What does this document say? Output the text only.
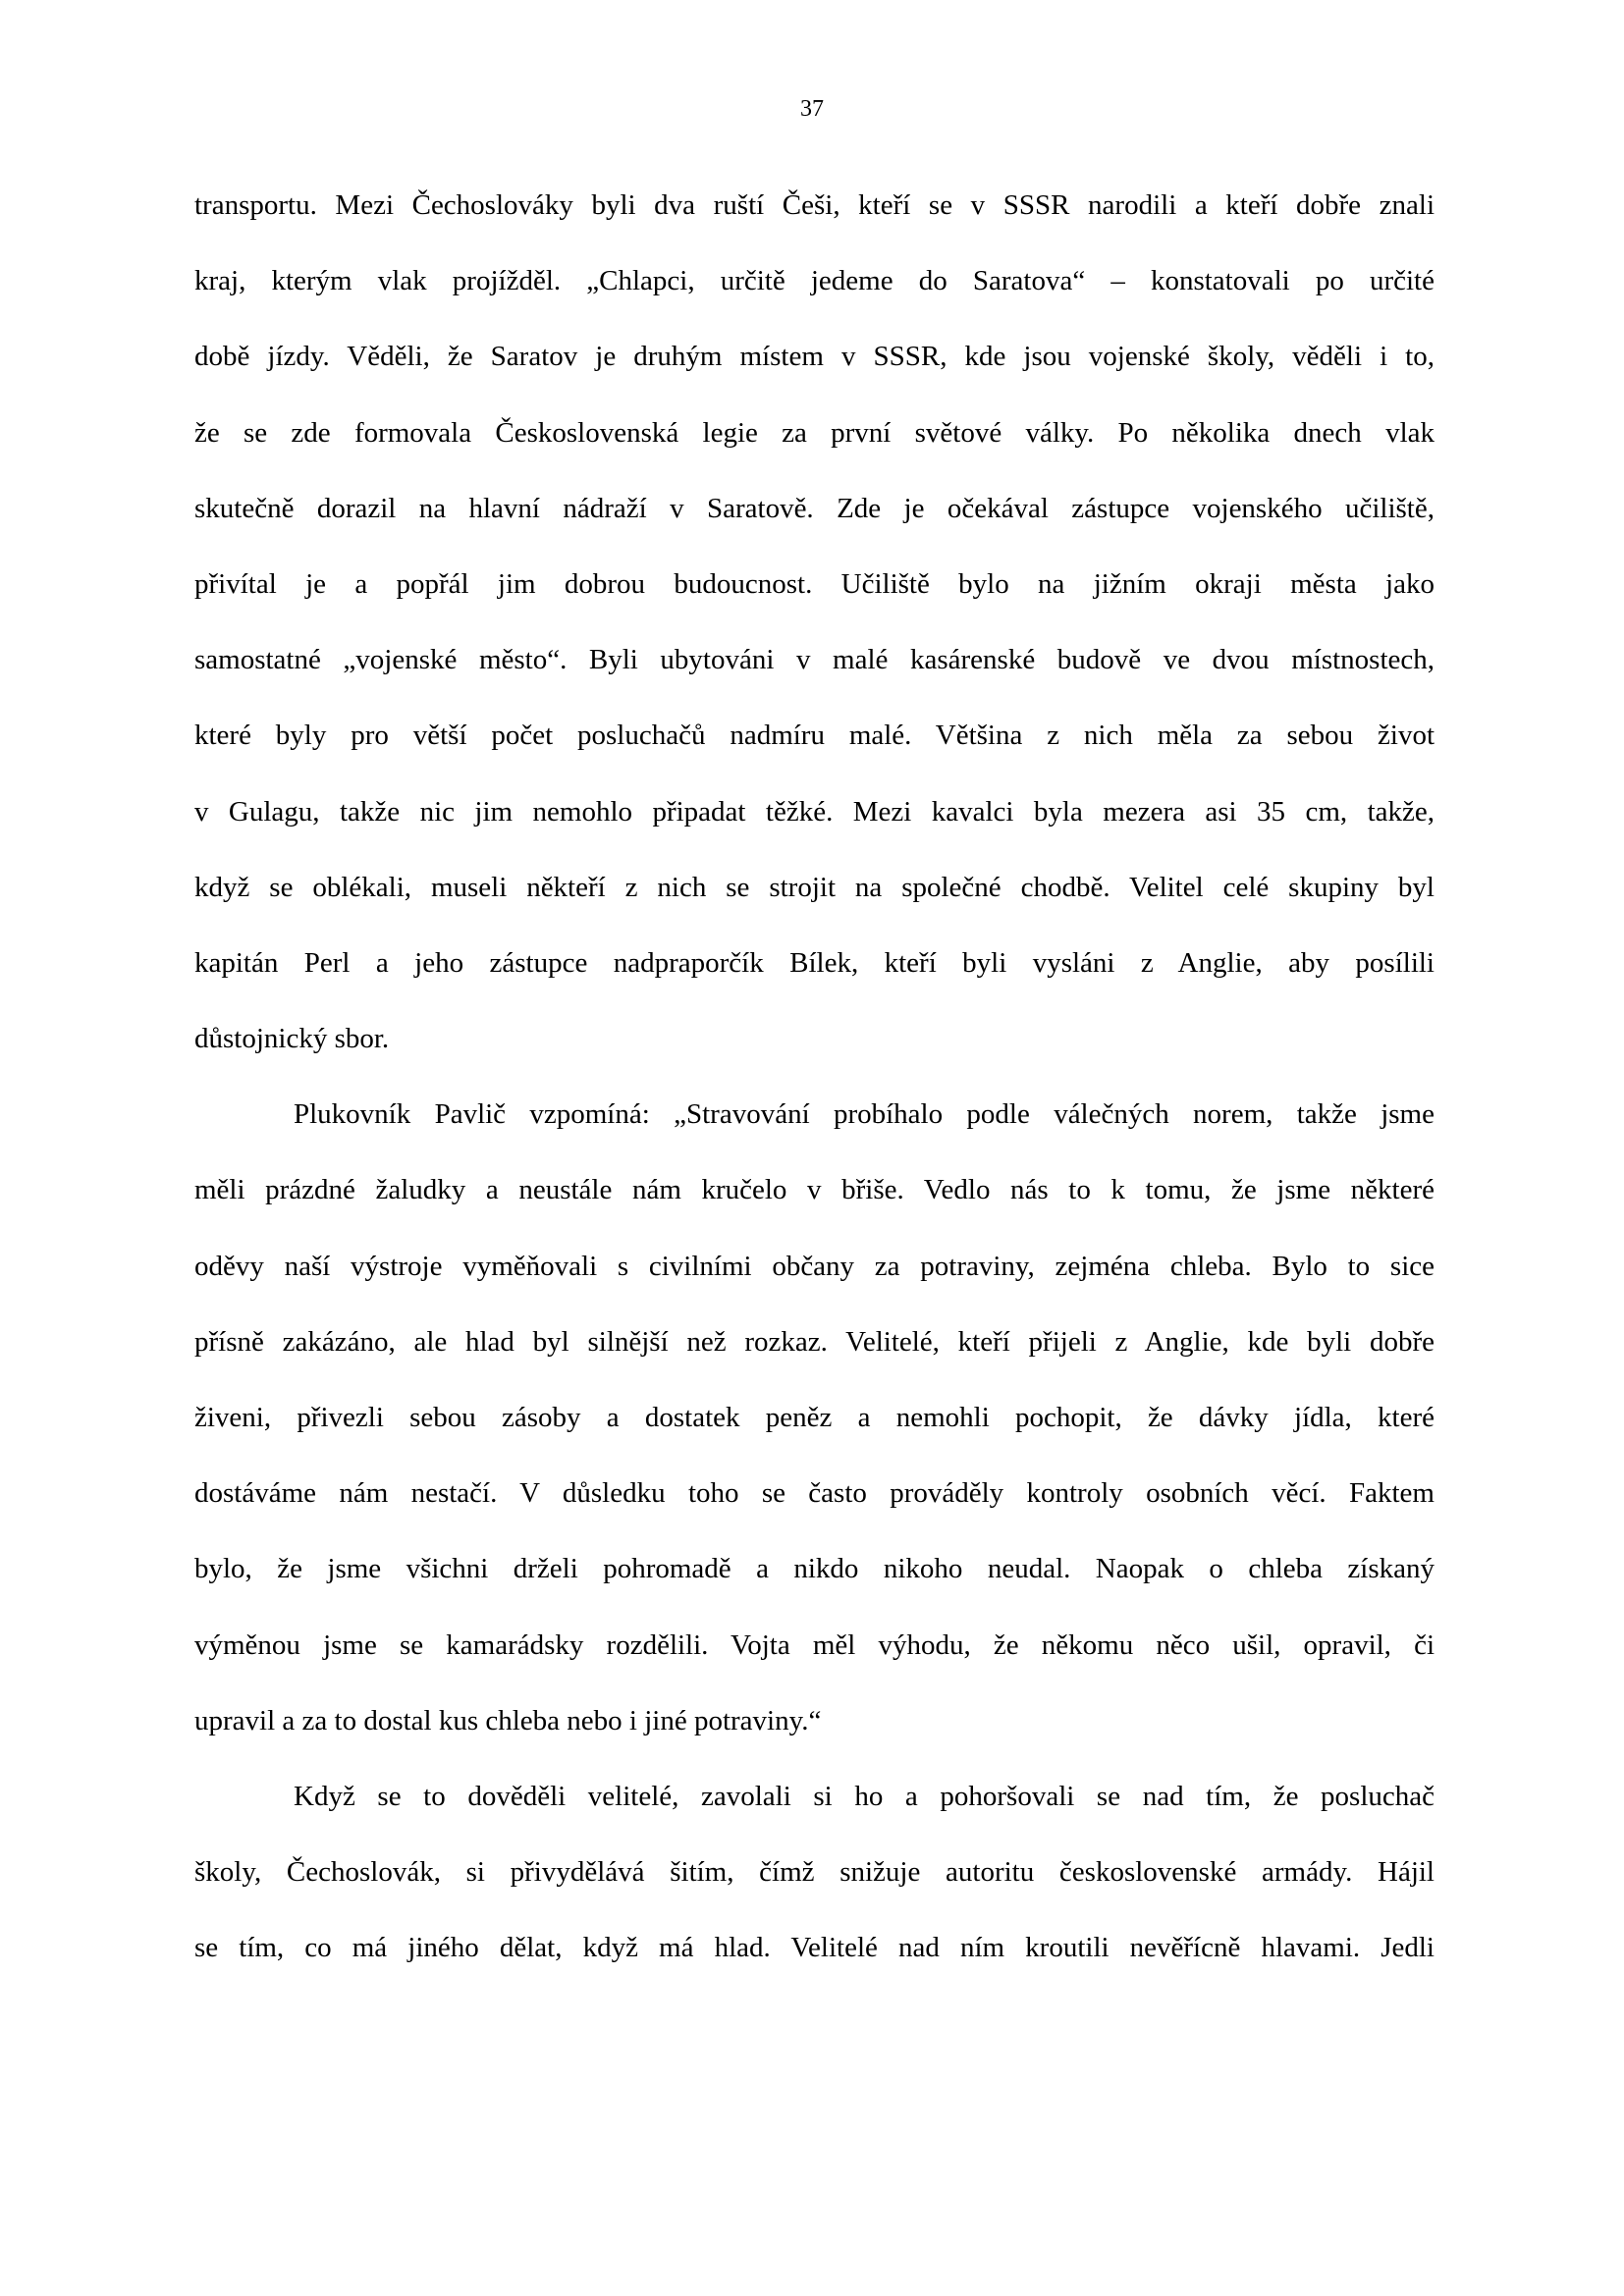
37
transportu. Mezi Čechoslováky byli dva ruští Češi, kteří se v SSSR narodili a kteří dobře znali
kraj, kterým vlak projížděl. „Chlapci, určitě jedeme do Saratova“ – konstatovali po určité
době jízdy. Věděli, že Saratov je druhým místem v SSSR, kde jsou vojenské školy, věděli i to,
že se zde formovala Československá legie za první světové války. Po několika dnech vlak
skutečně dorazil na hlavní nádraží v Saratově. Zde je očekával zástupce vojenského učiliště,
přivítal je a popřál jim dobrou budoucnost. Učiliště bylo na jižním okraji města jako
samostatné „vojenské město“. Byli ubytováni v malé kasárenské budově ve dvou místnostech,
které byly pro větší počet posluchačů nadmíru malé. Většina z nich měla za sebou život
v Gulagu, takže nic jim nemohlo připadat těžké. Mezi kavalci byla mezera asi 35 cm, takže,
když se oblékali, museli někteří z nich se strojit na společné chodbě. Velitel celé skupiny byl
kapitán Perl a jeho zástupce nadpraporčík Bílek, kteří byli vysláni z Anglie, aby posílili
důstojnický sbor.
Plukovník Pavlič vzpomíná: „Stravování probíhalo podle válečných norem, takže jsme
měli prázdné žaludky a neustále nám kručelo v břiše. Vedlo nás to k tomu, že jsme některé
oděvy naší výstroje vyměňovali s civilními občany za potraviny, zejména chleba. Bylo to sice
přísně zakázáno, ale hlad byl silnější než rozkaz. Velitelé, kteří přijeli z Anglie, kde byli dobře
živeni, přivezli sebou zásoby a dostatek peněz a nemohli pochopit, že dávky jídla, které
dostáváme nám nestačí. V důsledku toho se často prováděly kontroly osobních věcí. Faktem
bylo, že jsme všichni drželi pohromadě a nikdo nikoho neudal. Naopak o chleba získaný
výměnou jsme se kamarádsky rozdělili. Vojta měl výhodu, že někomu něco ušil, opravil, či
upravil a za to dostal kus chleba nebo i jiné potraviny.“
Když se to dověděli velitelé, zavolali si ho a pohoršovali se nad tím, že posluchač
školy, Čechoslovák, si přivydělává šitím, čímž snižuje autoritu československé armády. Hájil
se tím, co má jiného dělat, když má hlad. Velitelé nad ním kroutili nevěřícně hlavami. Jedli
